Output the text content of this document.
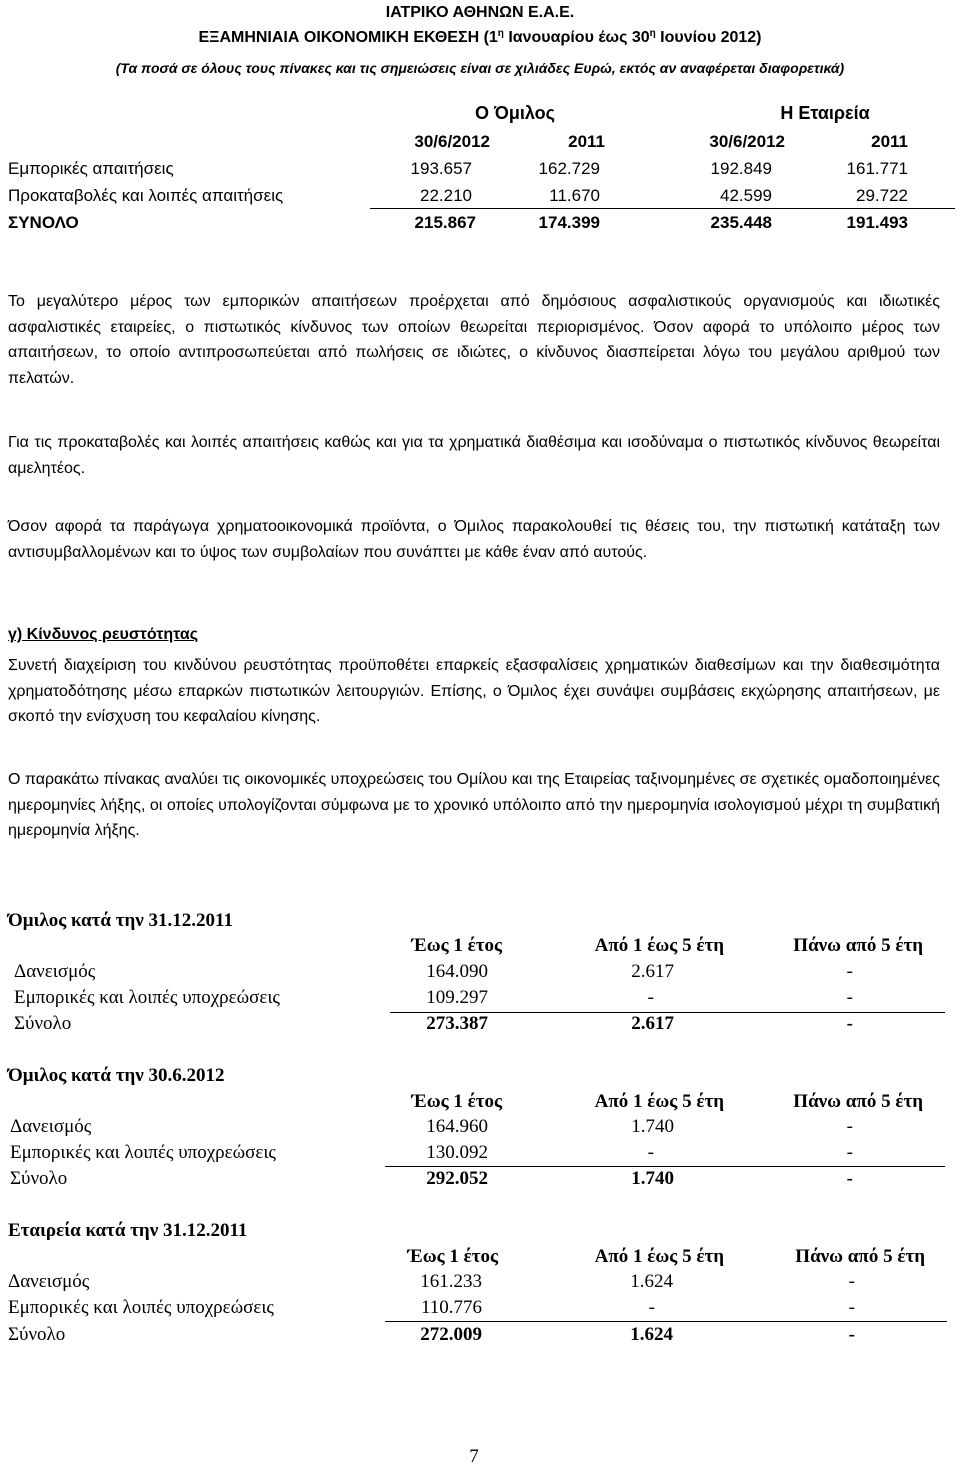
ΙΑΤΡΙΚΟ ΑΘΗΝΩΝ Ε.Α.Ε.
ΕΞΑΜΗΝΙΑΙΑ ΟΙΚΟΝΟΜΙΚΗ ΕΚΘΕΣΗ ($1^\eta$ Ιανουαρίου έως $30^\eta$ Ιουνίου 2012)
(Τα ποσά σε όλους τους πίνακες και τις σημειώσεις είναι σε χιλιάδες Ευρώ, εκτός αν αναφέρεται διαφορετικά)
Ο Όμιλος	Η Εταιρεία
30/6/2012	2011	30/6/2012	2011
Εμπορικές απαιτήσεις	193.657	162.729	192.849	161.771
Προκαταβολές και λοιπές απαιτήσεις	22.210	11.670	42.599	29.722
ΣΥΝΟΛΟ	215.867	174.399	235.448	191.493

Το μεγαλύτερο μέρος των εμπορικών απαιτήσεων προέρχεται από δημόσιους ασφαλιστικούς οργανισμούς και ιδιωτικές ασφαλιστικές εταιρείες, ο πιστωτικός κίνδυνος των οποίων θεωρείται περιορισμένος. Όσον αφορά το υπόλοιπο μέρος των απαιτήσεων, το οποίο αντιπροσωπεύεται από πωλήσεις σε ιδιώτες, ο κίνδυνος διασπείρεται λόγω του μεγάλου αριθμού των πελατών.

Για τις προκαταβολές και λοιπές απαιτήσεις καθώς και για τα χρηματικά διαθέσιμα και ισοδύναμα ο πιστωτικός κίνδυνος θεωρείται αμελητέος.

Όσον αφορά τα παράγωγα χρηματοοικονομικά προϊόντα, ο Όμιλος παρακολουθεί τις θέσεις του, την πιστωτική κατάταξη των αντισυμβαλλομένων και το ύψος των συμβολαίων που συνάπτει με κάθε έναν από αυτούς.

γ) Κίνδυνος ρευστότητας

Συνετή διαχείριση του κινδύνου ρευστότητας προϋποθέτει επαρκείς εξασφαλίσεις χρηματικών διαθεσίμων και την διαθεσιμότητα χρηματοδότησης μέσω επαρκών πιστωτικών λειτουργιών. Επίσης, ο Όμιλος έχει συνάψει συμβάσεις εκχώρησης απαιτήσεων, με σκοπό την ενίσχυση του κεφαλαίου κίνησης.

Ο παρακάτω πίνακας αναλύει τις οικονομικές υποχρεώσεις του Ομίλου και της Εταιρείας ταξινομημένες σε σχετικές ομαδοποιημένες ημερομηνίες λήξης, οι οποίες υπολογίζονται σύμφωνα με το χρονικό υπόλοιπο από την ημερομηνία ισολογισμού μέχρι τη συμβατική ημερομηνία λήξης.

Όμιλος κατά την 31.12.2011
Έως 1 έτος	Από 1 έως 5 έτη	Πάνω από 5 έτη
Δανεισμός	164.090	2.617	-
Εμπορικές και λοιπές υποχρεώσεις	109.297	-	-
Σύνολο	273.387	2.617	-
Όμιλος κατά την 30.6.2012
Έως 1 έτος	Από 1 έως 5 έτη	Πάνω από 5 έτη
Δανεισμός	164.960	1.740	-
Εμπορικές και λοιπές υποχρεώσεις	130.092	-	-
Σύνολο	292.052	1.740	-
Εταιρεία κατά την 31.12.2011
Έως 1 έτος	Από 1 έως 5 έτη	Πάνω από 5 έτη
Δανεισμός	161.233	1.624	-
Εμπορικές και λοιπές υποχρεώσεις	110.776	-	-
Σύνολο	272.009	1.624	-
7
